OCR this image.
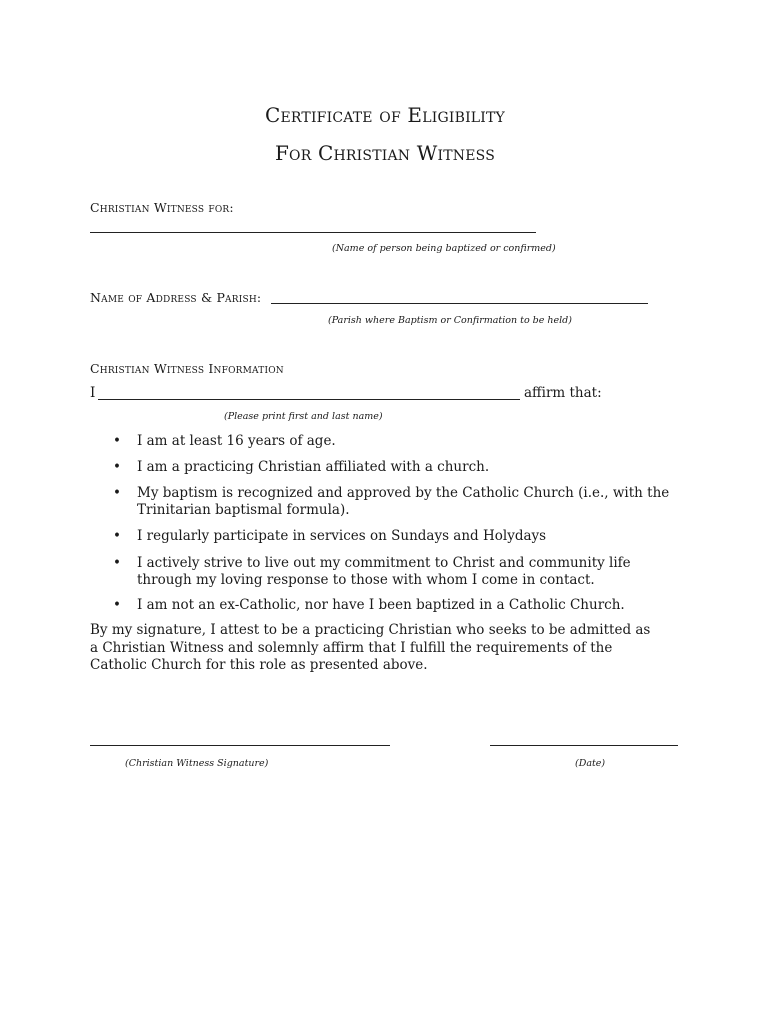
Certificate of Eligibility
For Christian Witness
Christian Witness for:
(Name of person being baptized or confirmed)
Name of Address & Parish:
(Parish where Baptism or Confirmation to be held)
Christian Witness Information
I	affirm that:
(Please print first and last name)
• I am at least 16 years of age.
• I am a practicing Christian affiliated with a church.
• My baptism is recognized and approved by the Catholic Church (i.e., with the Trinitarian baptismal formula).
• I regularly participate in services on Sundays and Holydays
• I actively strive to live out my commitment to Christ and community life through my loving response to those with whom I come in contact.
• I am not an ex-Catholic, nor have I been baptized in a Catholic Church.
By my signature, I attest to be a practicing Christian who seeks to be admitted as a Christian Witness and solemnly affirm that I fulfill the requirements of the Catholic Church for this role as presented above.
(Christian Witness Signature)	(Date)
